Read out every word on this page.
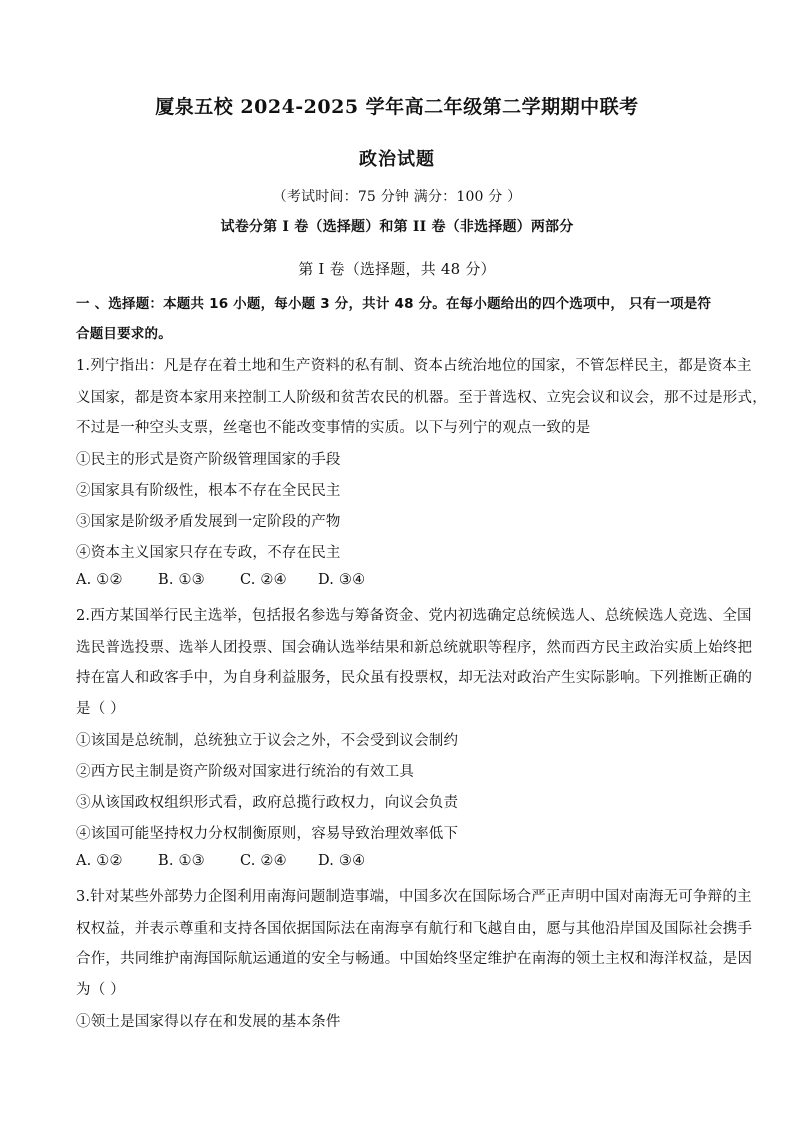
厦泉五校 2024-2025 学年高二年级第二学期期中联考
政治试题
（考试时间：75 分钟 满分：100 分 ）
试卷分第 I 卷（选择题）和第 II 卷（非选择题）两部分
第 I 卷（选择题，共 48 分）
一 、选择题：本题共 16 小题，每小题 3 分，共计 48 分。在每小题给出的四个选项中， 只有一项是符
合题目要求的。
1.列宁指出：凡是存在着土地和生产资料的私有制、资本占统治地位的国家，不管怎样民主，都是资本主
义国家，都是资本家用来控制工人阶级和贫苦农民的机器。至于普选权、立宪会议和议会，那不过是形式，
不过是一种空头支票，丝毫也不能改变事情的实质。以下与列宁的观点一致的是
①民主的形式是资产阶级管理国家的手段
②国家具有阶级性，根本不存在全民民主
③国家是阶级矛盾发展到一定阶段的产物
④资本主义国家只存在专政，不存在民主
A. ①② B. ①③ C. ②④ D. ③④
2.西方某国举行民主选举，包括报名参选与筹备资金、党内初选确定总统候选人、总统候选人竞选、全国
选民普选投票、选举人团投票、国会确认选举结果和新总统就职等程序，然而西方民主政治实质上始终把
持在富人和政客手中，为自身利益服务，民众虽有投票权，却无法对政治产生实际影响。下列推断正确的
是（ ）
①该国是总统制，总统独立于议会之外，不会受到议会制约
②西方民主制是资产阶级对国家进行统治的有效工具
③从该国政权组织形式看，政府总揽行政权力，向议会负责
④该国可能坚持权力分权制衡原则，容易导致治理效率低下
A. ①② B. ①③ C. ②④ D. ③④
3.针对某些外部势力企图利用南海问题制造事端，中国多次在国际场合严正声明中国对南海无可争辩的主
权权益，并表示尊重和支持各国依据国际法在南海享有航行和飞越自由，愿与其他沿岸国及国际社会携手
合作，共同维护南海国际航运通道的安全与畅通。中国始终坚定维护在南海的领土主权和海洋权益，是因
为（ ）
①领土是国家得以存在和发展的基本条件
